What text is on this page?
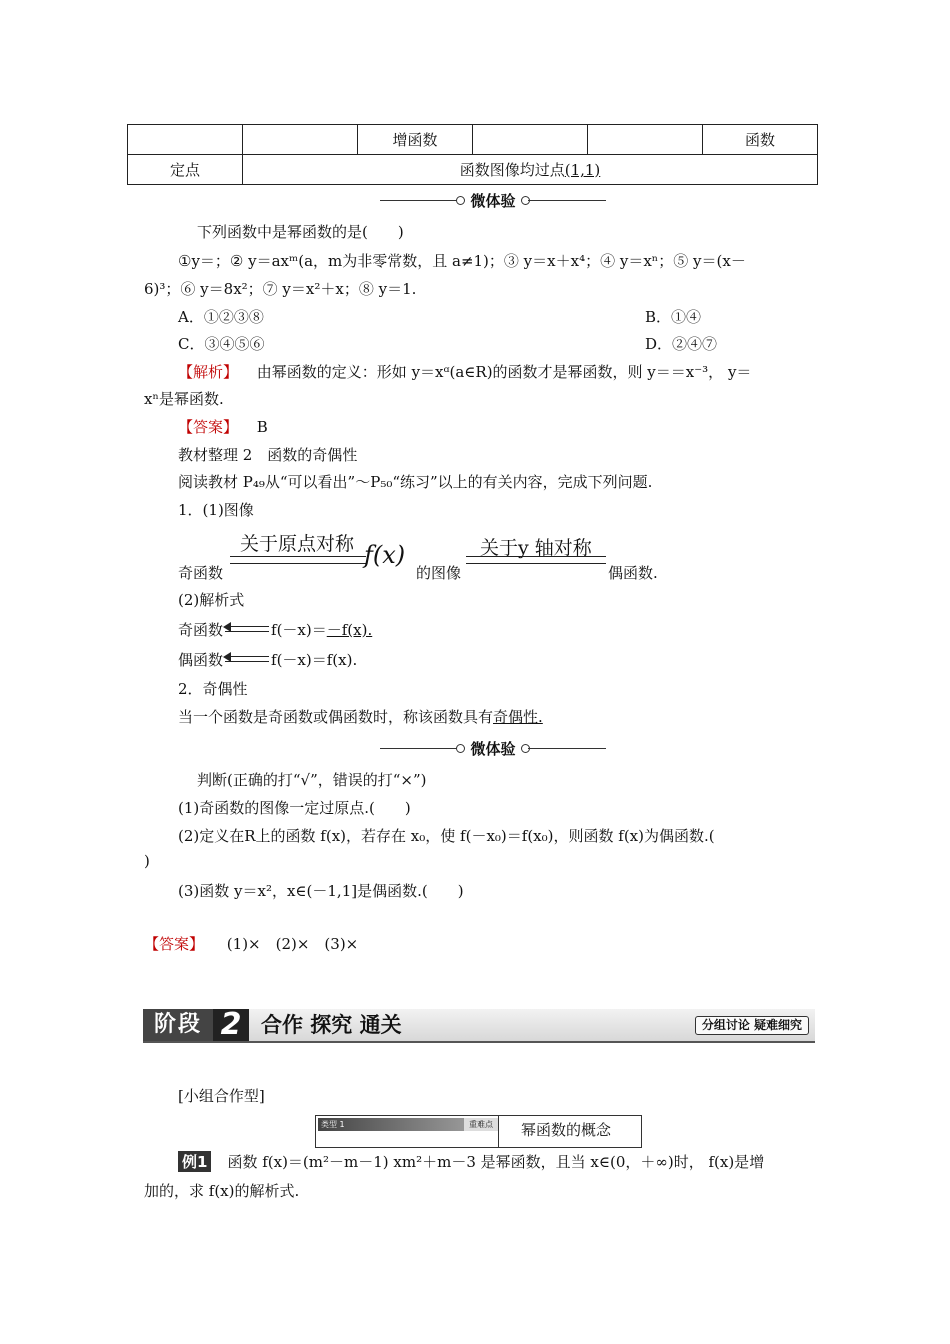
		增函数			函数
定点	函数图像均过点(1,1)				
微体验
下列函数中是幂函数的是(　　)
①y＝；② y＝axᵐ(a，m为非零常数，且 a≠1)；③ y＝x＋x⁴；④ y＝xⁿ；⑤ y＝(x－
6)³；⑥ y＝8x²；⑦ y＝x²＋x；⑧ y＝1.
A．①②③⑧	B．①④
C．③④⑤⑥	D．②④⑦
【解析】 由幂函数的定义：形如 y＝xᵅ(a∈R)的函数才是幂函数，则 y＝＝x⁻³， y＝
xⁿ是幂函数.
【答案】 B
教材整理 2　函数的奇偶性
阅读教材 P₄₉从“可以看出”～P₅₀“练习”以上的有关内容，完成下列问题.
1．(1)图像
奇函数
关于原点对称 f(x)
的图像
关于y 轴对称
偶函数.
(2)解析式
奇函数	f(－x)＝－f(x).
偶函数	f(－x)＝f(x).
2．奇偶性
当一个函数是奇函数或偶函数时，称该函数具有奇偶性.
微体验
判断(正确的打“√”，错误的打“×”)
(1)奇函数的图像一定过原点.(　　)
(2)定义在R上的函数 f(x)，若存在 x₀，使 f(－x₀)＝f(x₀)，则函数 f(x)为偶函数.(
)
(3)函数 y＝x²，x∈(－1,1]是偶函数.(　　)
【答案】 (1)×　(2)×　(3)×
阶段 2 合作 探究 通关	分组讨论 疑难细究
[小组合作型]
类型 1	重难点	幂函数的概念
例1 函数 f(x)＝(m²－m－1) xm²＋m－3 是幂函数，且当 x∈(0，＋∞)时， f(x)是增
加的，求 f(x)的解析式.
